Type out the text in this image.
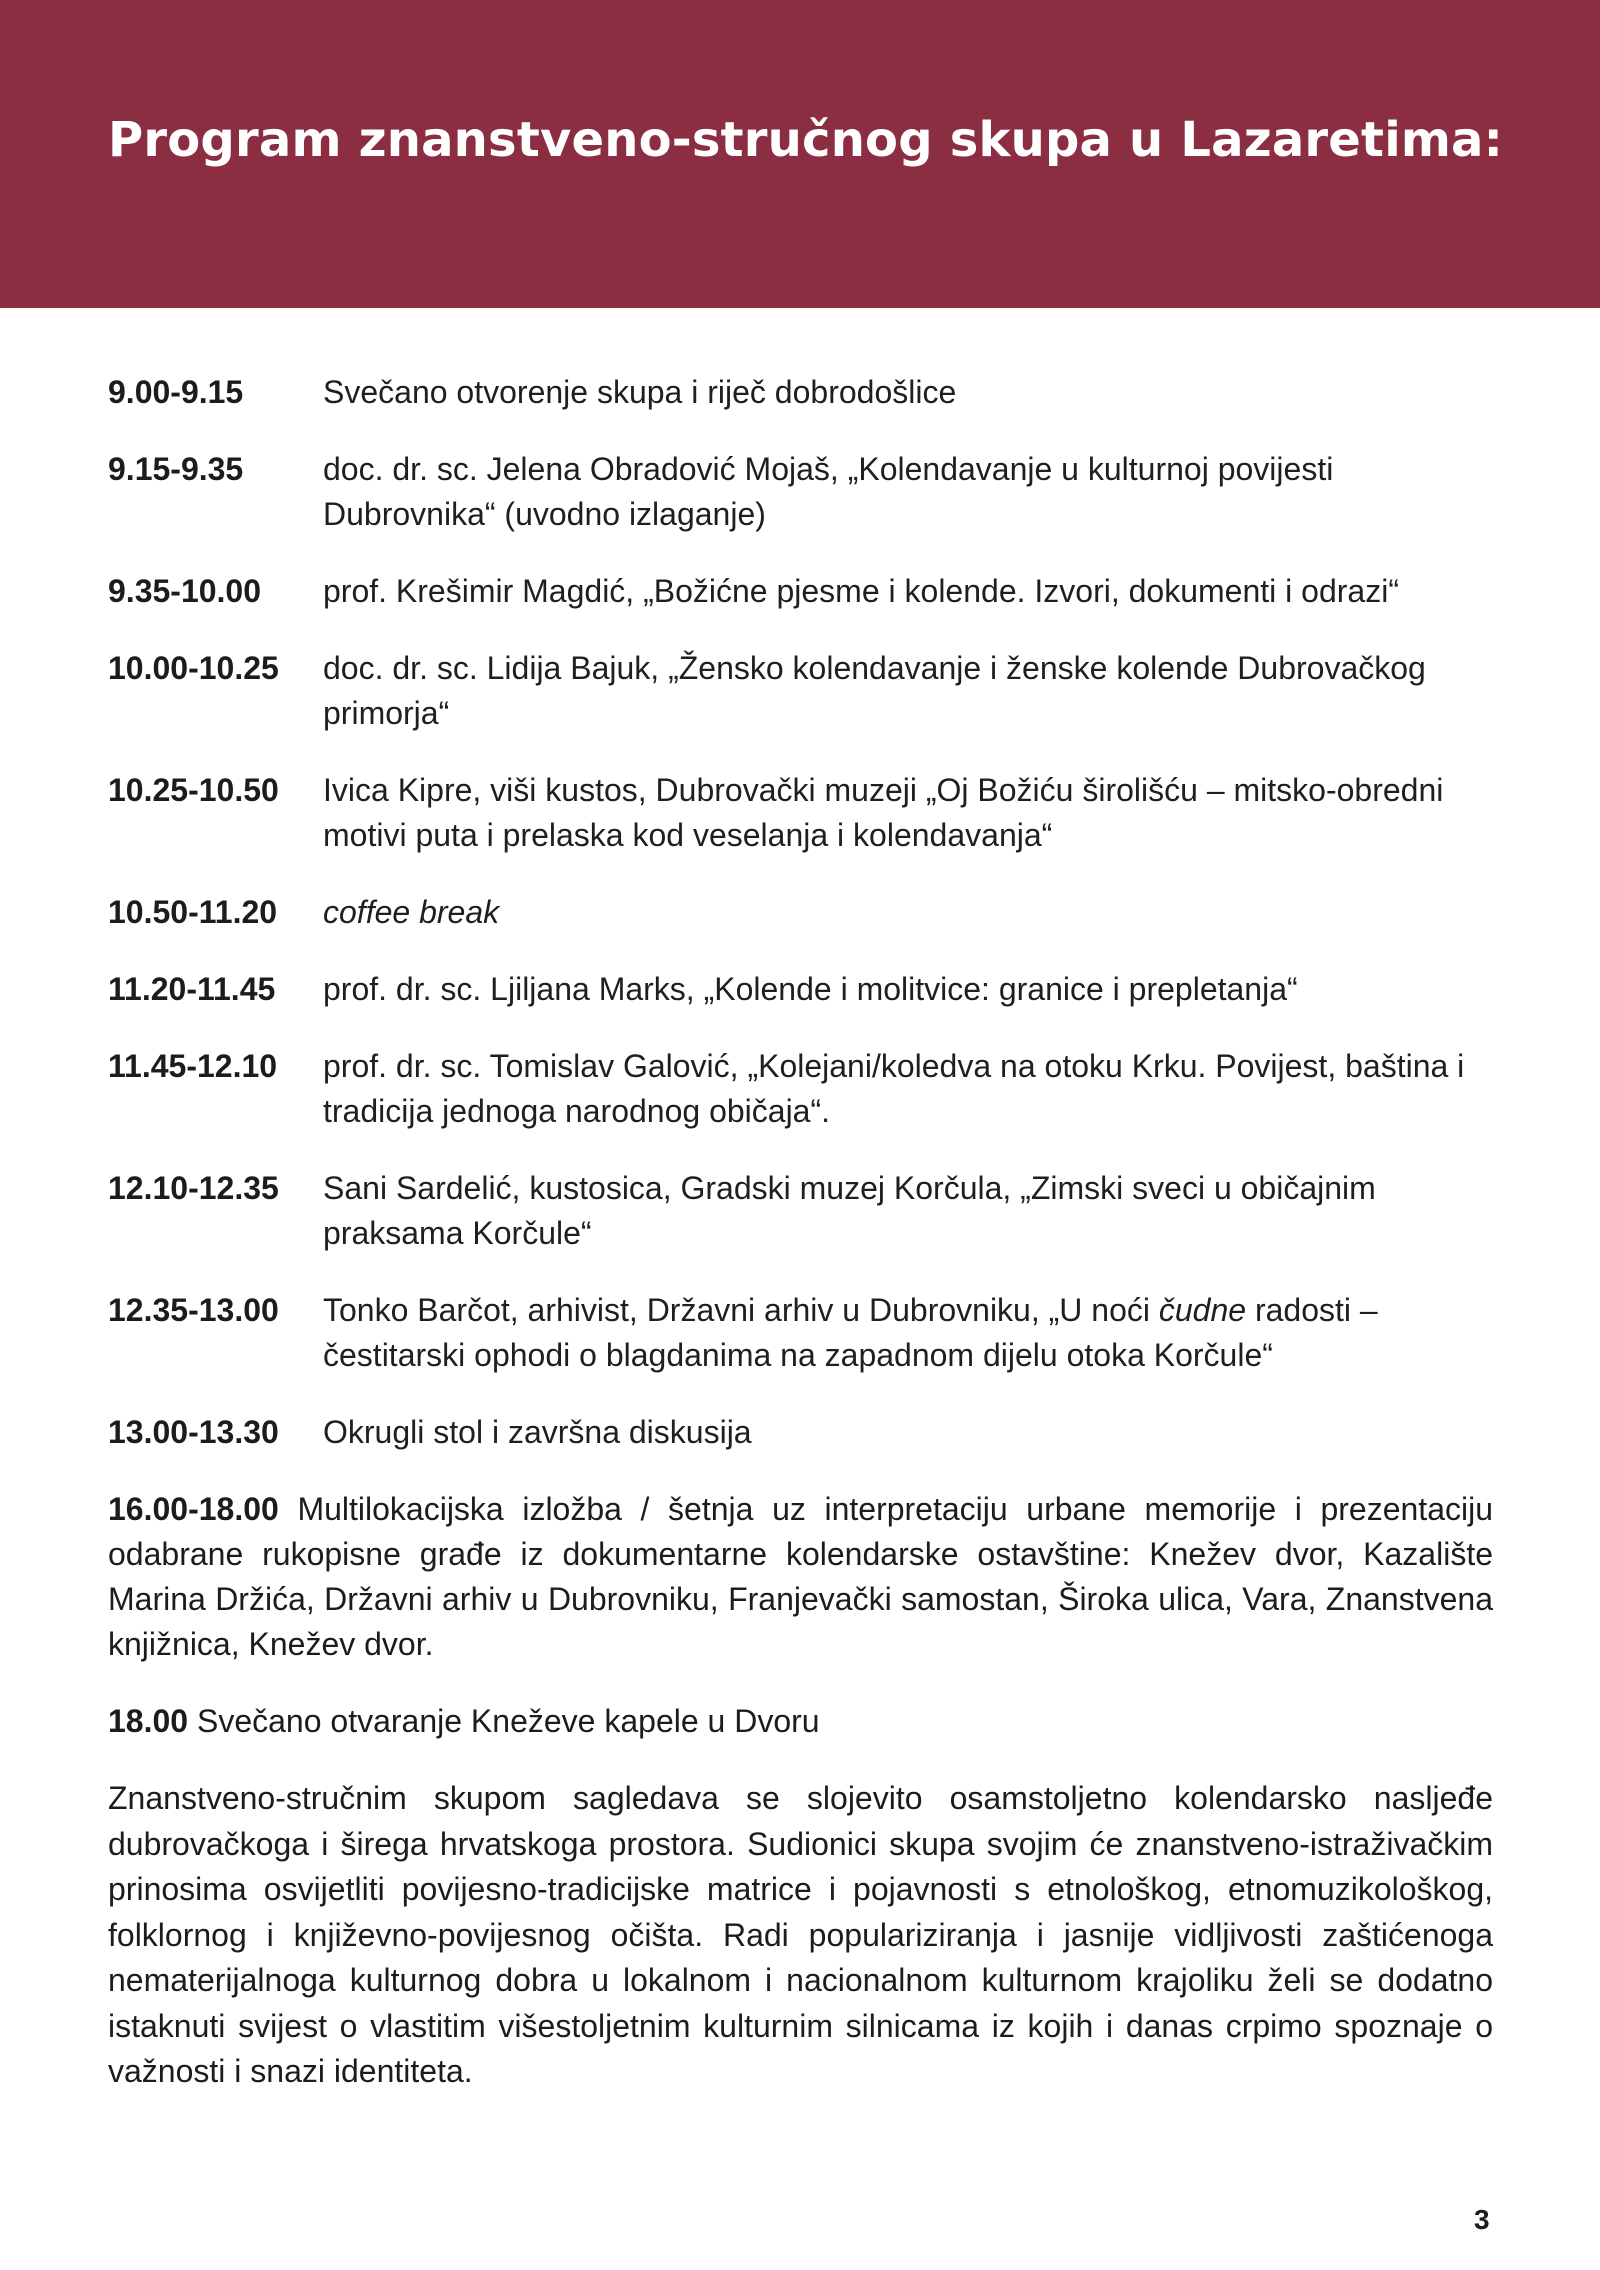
Program znanstveno-stručnog skupa u Lazaretima:
9.00-9.15	Svečano otvorenje skupa i riječ dobrodošlice
9.15-9.35	doc. dr. sc. Jelena Obradović Mojaš, „Kolendavanje u kulturnoj povijesti Dubrovnika“ (uvodno izlaganje)
9.35-10.00	prof. Krešimir Magdić, „Božićne pjesme i kolende. Izvori, dokumenti i odrazi“
10.00-10.25	doc. dr. sc. Lidija Bajuk, „Žensko kolendavanje i ženske kolende Dubrovačkog primorja“
10.25-10.50	Ivica Kipre, viši kustos, Dubrovački muzeji „Oj Božiću širolišću – mitsko-obredni motivi puta i prelaska kod veselanja i kolendavanja“
10.50-11.20	coffee break
11.20-11.45	prof. dr. sc. Ljiljana Marks, „Kolende i molitvice: granice i prepletanja“
11.45-12.10	prof. dr. sc. Tomislav Galović, „Kolejani/koledva na otoku Krku. Povijest, baština i tradicija jednoga narodnog običaja“.
12.10-12.35	Sani Sardelić, kustosica, Gradski muzej Korčula, „Zimski sveci u običajnim praksama Korčule“
12.35-13.00	Tonko Barčot, arhivist, Državni arhiv u Dubrovniku, „U noći čudne radosti – čestitarski ophodi o blagdanima na zapadnom dijelu otoka Korčule“
13.00-13.30	Okrugli stol i završna diskusija

16.00-18.00 Multilokacijska izložba / šetnja uz interpretaciju urbane memorije i prezentaciju odabrane rukopisne građe iz dokumentarne kolendarske ostavštine: Knežev dvor, Kazalište Marina Držića, Državni arhiv u Dubrovniku, Franjevački samostan, Široka ulica, Vara, Znanstvena knjižnica, Knežev dvor.

18.00 Svečano otvaranje Kneževe kapele u Dvoru

Znanstveno-stručnim skupom sagledava se slojevito osamstoljetno kolendarsko nasljeđe dubrovačkoga i širega hrvatskoga prostora. Sudionici skupa svojim će znanstveno-istraživačkim prinosima osvijetliti povijesno-tradicijske matrice i pojavnosti s etnološkog, etnomuzikološkog, folklornog i književno-povijesnog očišta. Radi populariziranja i jasnije vidljivosti zaštićenoga nematerijalnoga kulturnog dobra u lokalnom i nacionalnom kulturnom krajoliku želi se dodatno istaknuti svijest o vlastitim višestoljetnim kulturnim silnicama iz kojih i danas crpimo spoznaje o važnosti i snazi identiteta.

3
